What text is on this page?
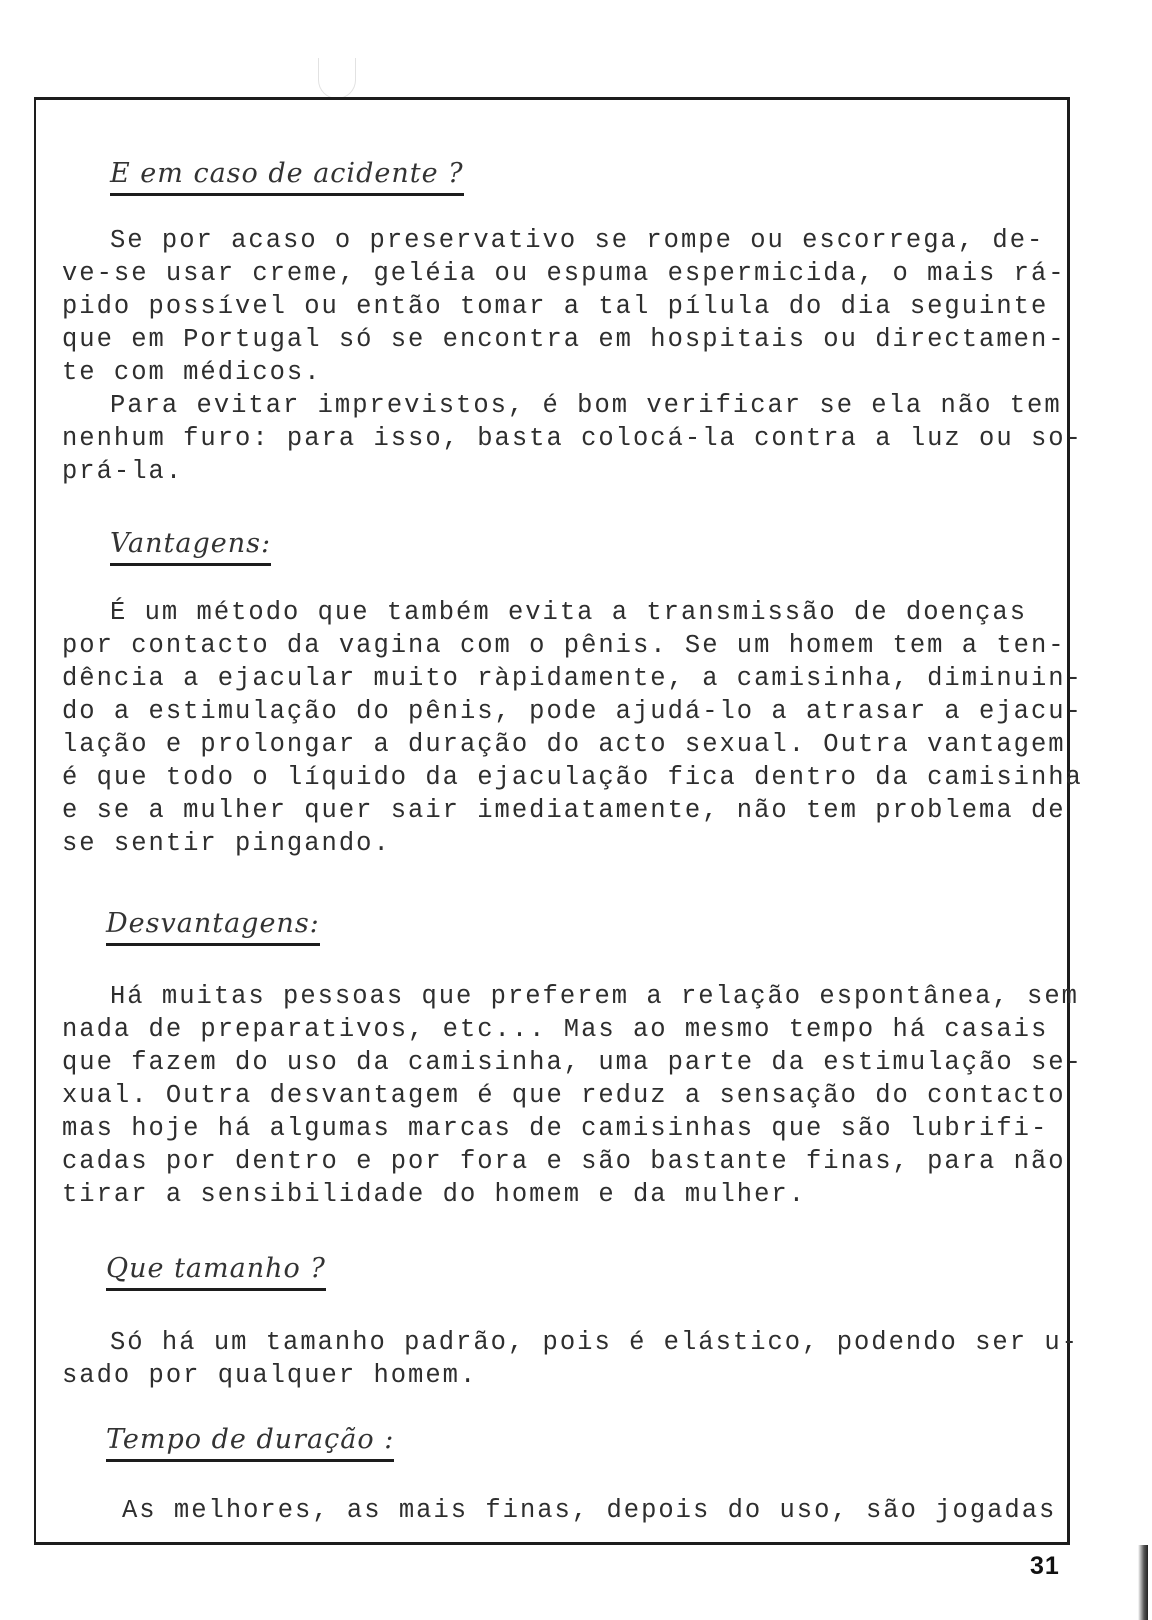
E em caso de acidente ?
Se por acaso o preservativo se rompe ou escorrega, de-
ve-se usar creme, geléia ou espuma espermicida, o mais rá-
pido possível ou então tomar a tal pílula do dia seguinte
que em Portugal só se encontra em hospitais ou directamen-
te com médicos.
Para evitar imprevistos, é bom verificar se ela não tem
nenhum furo: para isso, basta colocá-la contra a luz ou so-
prá-la.
Vantagens:
É um método que também evita a transmissão de doenças
por contacto da vagina com o pênis. Se um homem tem a ten-
dência a ejacular muito ràpidamente, a camisinha, diminuin-
do a estimulação do pênis, pode ajudá-lo a atrasar a ejacu-
lação e prolongar a duração do acto sexual. Outra vantagem
é que todo o líquido da ejaculação fica dentro da camisinha
e se a mulher quer sair imediatamente, não tem problema de
se sentir pingando.
Desvantagens:
Há muitas pessoas que preferem a relação espontânea, sem
nada de preparativos, etc... Mas ao mesmo tempo há casais
que fazem do uso da camisinha, uma parte da estimulação se-
xual. Outra desvantagem é que reduz a sensação do contacto
mas hoje há algumas marcas de camisinhas que são lubrifi-
cadas por dentro e por fora e são bastante finas, para não
tirar a sensibilidade do homem e da mulher.
Que tamanho ?
Só há um tamanho padrão, pois é elástico, podendo ser u-
sado por qualquer homem.
Tempo de duração :
As melhores, as mais finas, depois do uso, são jogadas
31
